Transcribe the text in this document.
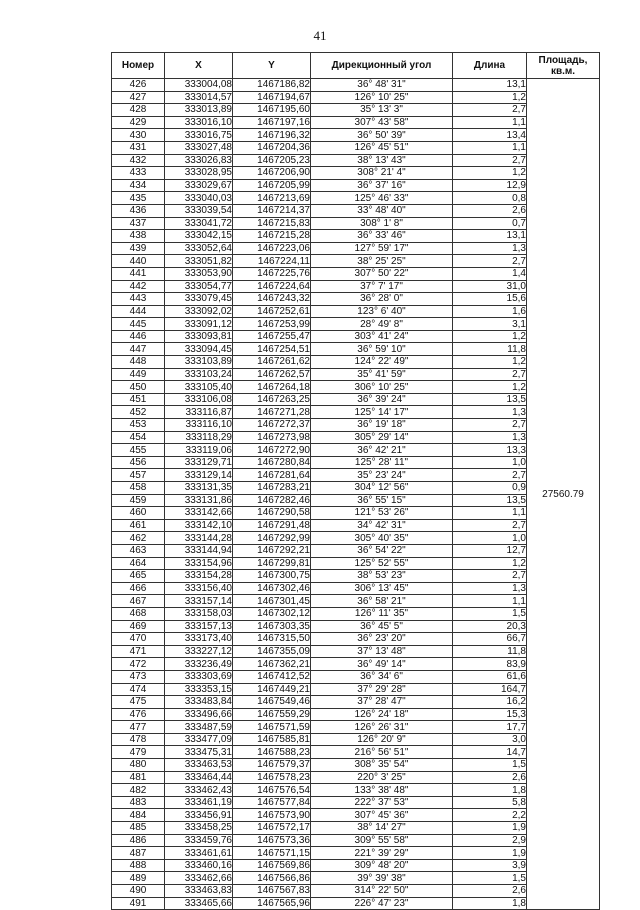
41
Номер	X	Y	Дирекционный угол	Длина	Площадь, кв.м.
426	333004,08	1467186,82	36° 48' 31"	13,1	27560.79
427	333014,57	1467194,67	126° 10' 25"	1,2	
428	333013,89	1467195,60	35° 13' 3"	2,7	
429	333016,10	1467197,16	307° 43' 58"	1,1	
430	333016,75	1467196,32	36° 50' 39"	13,4	
431	333027,48	1467204,36	126° 45' 51"	1,1	
432	333026,83	1467205,23	38° 13' 43"	2,7	
433	333028,95	1467206,90	308° 21' 4"	1,2	
434	333029,67	1467205,99	36° 37' 16"	12,9	
435	333040,03	1467213,69	125° 46' 33"	0,8	
436	333039,54	1467214,37	33° 48' 40"	2,6	
437	333041,72	1467215,83	308° 1' 8"	0,7	
438	333042,15	1467215,28	36° 33' 46"	13,1	
439	333052,64	1467223,06	127° 59' 17"	1,3	
440	333051,82	1467224,11	38° 25' 25"	2,7	
441	333053,90	1467225,76	307° 50' 22"	1,4	
442	333054,77	1467224,64	37° 7' 17"	31,0	
443	333079,45	1467243,32	36° 28' 0"	15,6	
444	333092,02	1467252,61	123° 6' 40"	1,6	
445	333091,12	1467253,99	28° 49' 8"	3,1	
446	333093,81	1467255,47	303° 41' 24"	1,2	
447	333094,45	1467254,51	36° 59' 10"	11,8	
448	333103,89	1467261,62	124° 22' 49"	1,2	
449	333103,24	1467262,57	35° 41' 59"	2,7	
450	333105,40	1467264,18	306° 10' 25"	1,2	
451	333106,08	1467263,25	36° 39' 24"	13,5	
452	333116,87	1467271,28	125° 14' 17"	1,3	
453	333116,10	1467272,37	36° 19' 18"	2,7	
454	333118,29	1467273,98	305° 29' 14"	1,3	
455	333119,06	1467272,90	36° 42' 21"	13,3	
456	333129,71	1467280,84	125° 28' 11"	1,0	
457	333129,14	1467281,64	35° 23' 24"	2,7	
458	333131,35	1467283,21	304° 12' 56"	0,9	
459	333131,86	1467282,46	36° 55' 15"	13,5	
460	333142,66	1467290,58	121° 53' 26"	1,1	
461	333142,10	1467291,48	34° 42' 31"	2,7	
462	333144,28	1467292,99	305° 40' 35"	1,0	
463	333144,94	1467292,21	36° 54' 22"	12,7	
464	333154,96	1467299,81	125° 52' 55"	1,2	
465	333154,28	1467300,75	38° 53' 23"	2,7	
466	333156,40	1467302,46	306° 13' 45"	1,3	
467	333157,14	1467301,45	36° 58' 21"	1,1	
468	333158,03	1467302,12	126° 11' 35"	1,5	
469	333157,13	1467303,35	36° 45' 5"	20,3	
470	333173,40	1467315,50	36° 23' 20"	66,7	
471	333227,12	1467355,09	37° 13' 48"	11,8	
472	333236,49	1467362,21	36° 49' 14"	83,9	
473	333303,69	1467412,52	36° 34' 6"	61,6	
474	333353,15	1467449,21	37° 29' 28"	164,7	
475	333483,84	1467549,46	37° 28' 47"	16,2	
476	333496,66	1467559,29	126° 24' 18"	15,3	
477	333487,59	1467571,59	126° 26' 31"	17,7	
478	333477,09	1467585,81	126° 20' 9"	3,0	
479	333475,31	1467588,23	216° 56' 51"	14,7	
480	333463,53	1467579,37	308° 35' 54"	1,5	
481	333464,44	1467578,23	220° 3' 25"	2,6	
482	333462,43	1467576,54	133° 38' 48"	1,8	
483	333461,19	1467577,84	222° 37' 53"	5,8	
484	333456,91	1467573,90	307° 45' 36"	2,2	
485	333458,25	1467572,17	38° 14' 27"	1,9	
486	333459,76	1467573,36	309° 55' 58"	2,9	
487	333461,61	1467571,15	221° 39' 29"	1,9	
488	333460,16	1467569,86	309° 48' 20"	3,9	
489	333462,66	1467566,86	39° 39' 38"	1,5	
490	333463,83	1467567,83	314° 22' 50"	2,6	
491	333465,66	1467565,96	226° 47' 23"	1,8	
